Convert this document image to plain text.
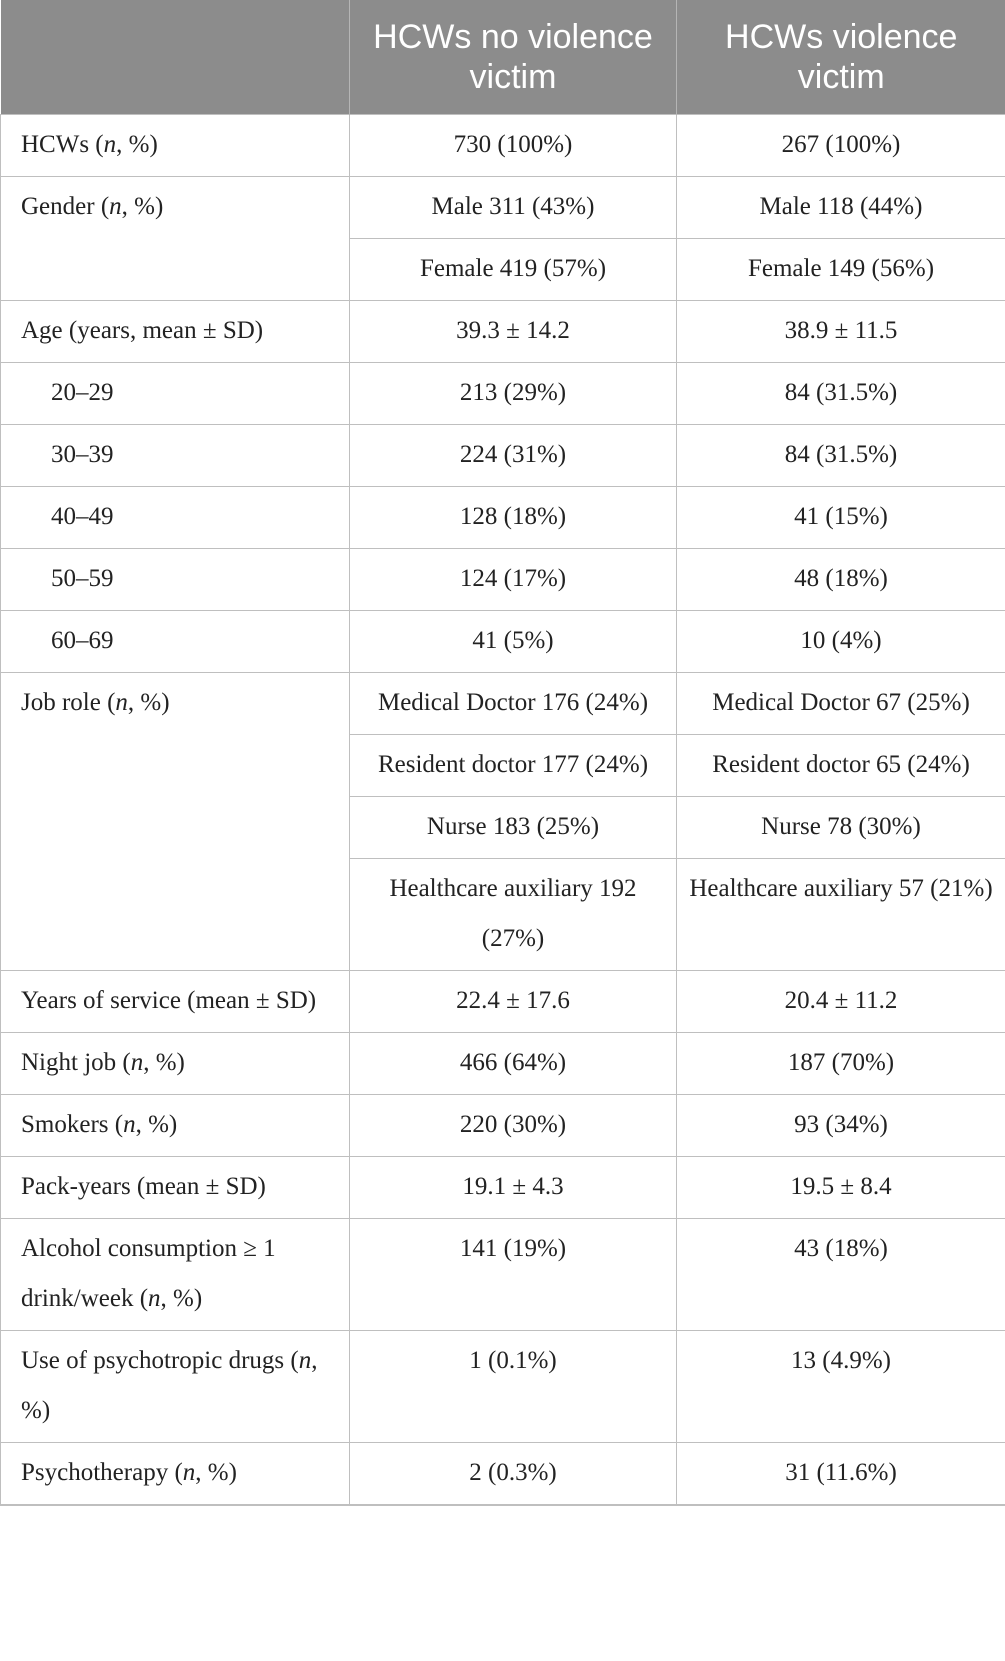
	HCWs no violence victim	HCWs violence victim
HCWs (n, %)	730 (100%)	267 (100%)
Gender (n, %)	Male 311 (43%)	Male 118 (44%)
	Female 419 (57%)	Female 149 (56%)
Age (years, mean ± SD)	39.3 ± 14.2	38.9 ± 11.5
20–29	213 (29%)	84 (31.5%)
30–39	224 (31%)	84 (31.5%)
40–49	128 (18%)	41 (15%)
50–59	124 (17%)	48 (18%)
60–69	41 (5%)	10 (4%)
Job role (n, %)	Medical Doctor 176 (24%)	Medical Doctor 67 (25%)
	Resident doctor 177 (24%)	Resident doctor 65 (24%)
	Nurse 183 (25%)	Nurse 78 (30%)
	Healthcare auxiliary 192 (27%)	Healthcare auxiliary 57 (21%)
Years of service (mean ± SD)	22.4 ± 17.6	20.4 ± 11.2
Night job (n, %)	466 (64%)	187 (70%)
Smokers (n, %)	220 (30%)	93 (34%)
Pack-years (mean ± SD)	19.1 ± 4.3	19.5 ± 8.4
Alcohol consumption ≥ 1 drink/week (n, %)	141 (19%)	43 (18%)
Use of psychotropic drugs (n, %)	1 (0.1%)	13 (4.9%)
Psychotherapy (n, %)	2 (0.3%)	31 (11.6%)
